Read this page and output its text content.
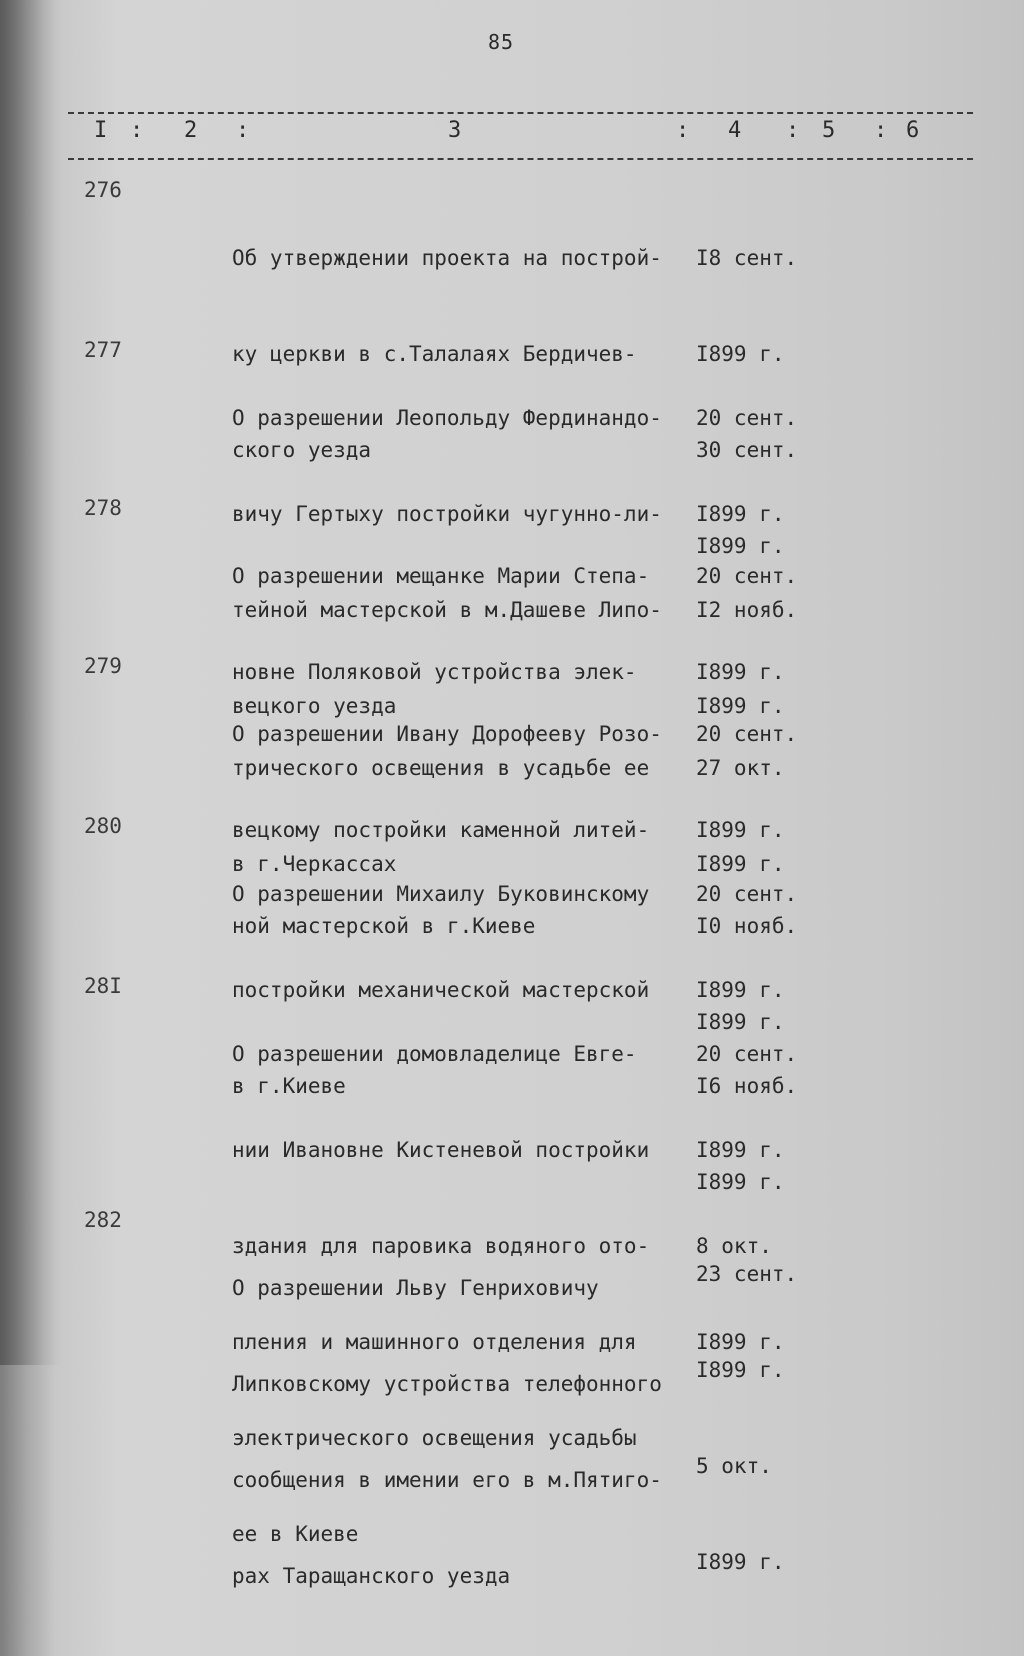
85
I : 2 :	3	: 4 : 5 : 6
276

Об утверждении проекта на построй-

ку церкви в с.Талалаях Бердичев-

ского уезда

I8 сент.

I899 г.

30 сент.

I899 г.

277

О разрешении Леопольду Фердинандо-

вичу Гертыху постройки чугунно-ли-

тейной мастерской в м.Дашеве Липо-

вецкого уезда

20 сент.

I899 г.

I2 нояб.

I899 г.

278

О разрешении мещанке Марии Степа-

новне Поляковой устройства элек-

трического освещения в усадьбе ее

в г.Черкассах

20 сент.

I899 г.

27 окт.

I899 г.

279

О разрешении Ивану Дорофееву Розо-

вецкому постройки каменной литей-

ной мастерской в г.Киеве

20 сент.

I899 г.

I0 нояб.

I899 г.

280

О разрешении Михаилу Буковинскому

постройки механической мастерской

в г.Киеве

20 сент.

I899 г.

I6 нояб.

I899 г.

28I

О разрешении домовладелице Евге-

нии Ивановне Кистеневой постройки

здания для паровика водяного ото-

пления и машинного отделения для

электрического освещения усадьбы

ее в Киеве

20 сент.

I899 г.

8 окт.

I899 г.

282

О разрешении Льву Генриховичу

Липковскому устройства телефонного

сообщения в имении его в м.Пятиго-

рах Таращанского уезда

23 сент.

I899 г.

5 окт.

I899 г.
